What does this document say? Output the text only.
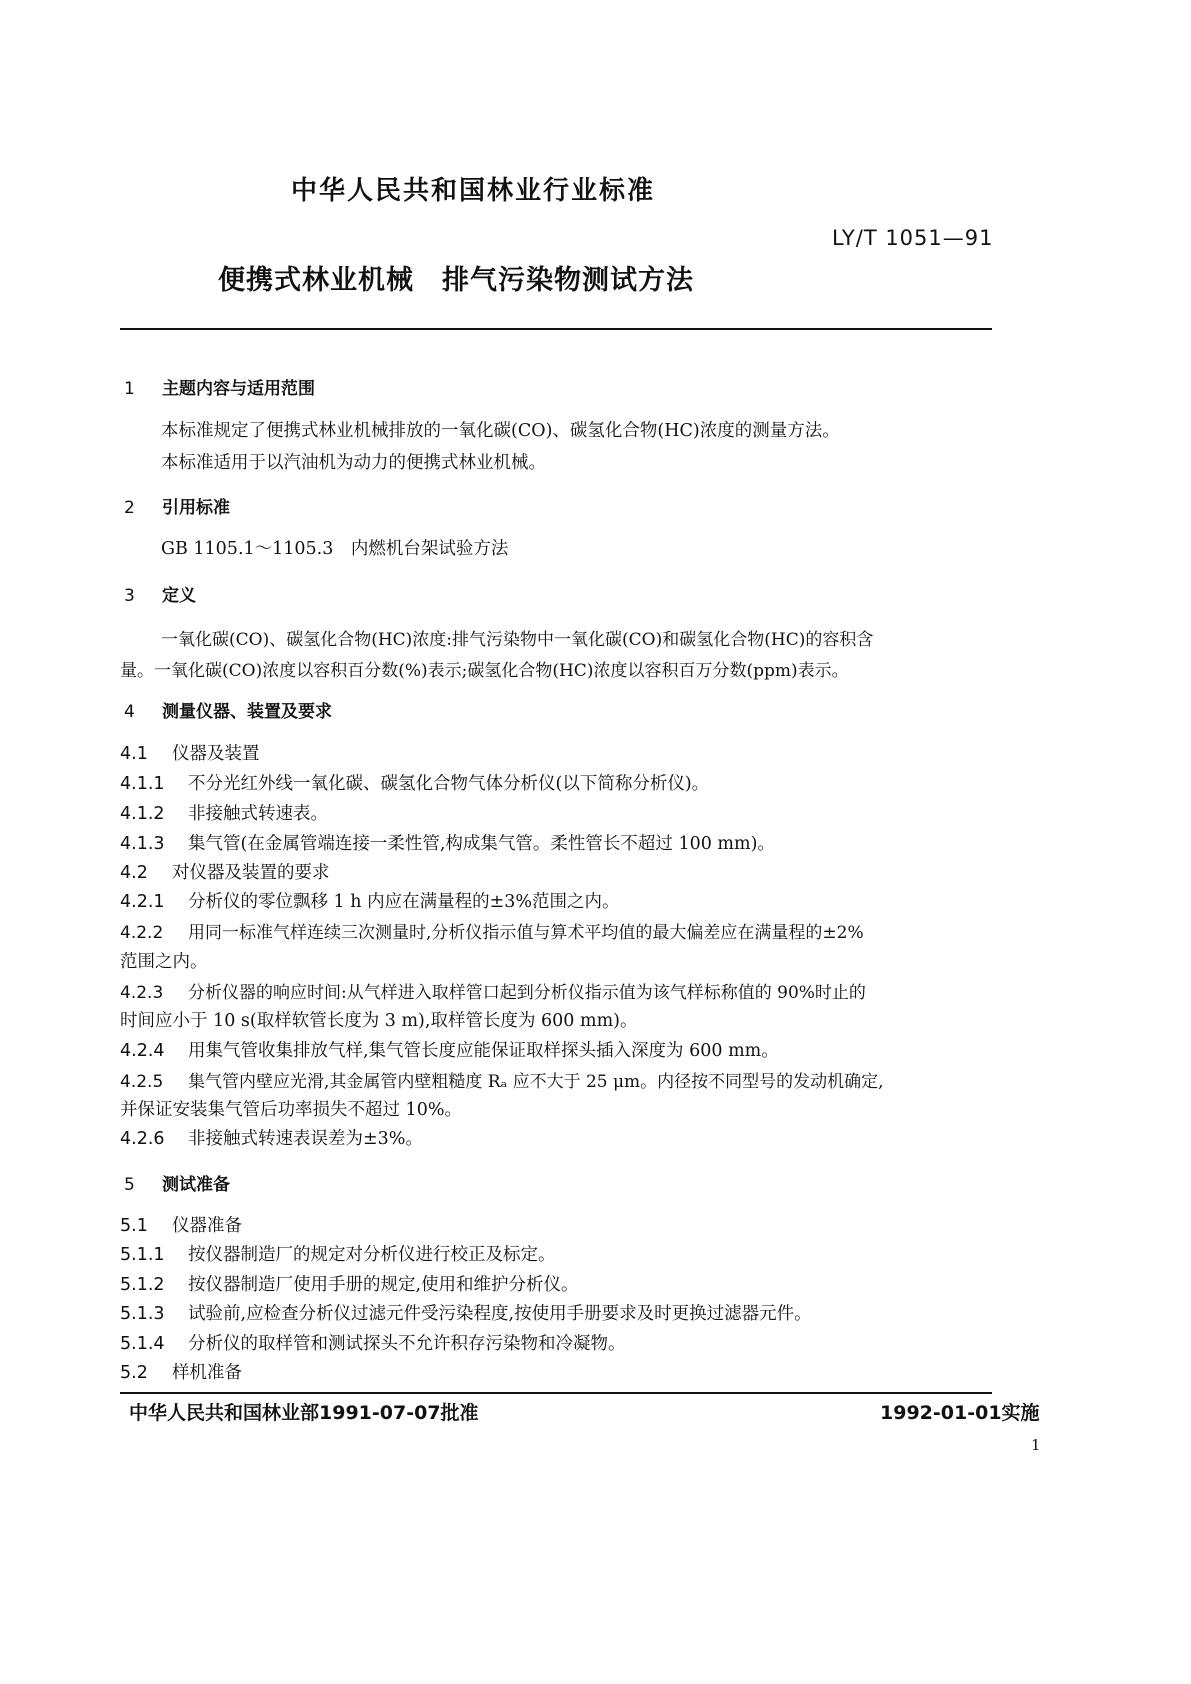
中华人民共和国林业行业标准
LY/T 1051—91
便携式林业机械　排气污染物测试方法
1 主题内容与适用范围
本标准规定了便携式林业机械排放的一氧化碳(CO)、碳氢化合物(HC)浓度的测量方法。
本标准适用于以汽油机为动力的便携式林业机械。
2 引用标准
GB 1105.1～1105.3　内燃机台架试验方法
3 定义
一氧化碳(CO)、碳氢化合物(HC)浓度:排气污染物中一氧化碳(CO)和碳氢化合物(HC)的容积含
量。一氧化碳(CO)浓度以容积百分数(%)表示;碳氢化合物(HC)浓度以容积百万分数(ppm)表示。
4 测量仪器、装置及要求
4.1 仪器及装置
4.1.1 不分光红外线一氧化碳、碳氢化合物气体分析仪(以下简称分析仪)。
4.1.2 非接触式转速表。
4.1.3 集气管(在金属管端连接一柔性管,构成集气管。柔性管长不超过 100 mm)。
4.2 对仪器及装置的要求
4.2.1 分析仪的零位飘移 1 h 内应在满量程的±3%范围之内。
4.2.2 用同一标准气样连续三次测量时,分析仪指示值与算术平均值的最大偏差应在满量程的±2%
范围之内。
4.2.3 分析仪器的响应时间:从气样进入取样管口起到分析仪指示值为该气样标称值的 90%时止的
时间应小于 10 s(取样软管长度为 3 m),取样管长度为 600 mm)。
4.2.4 用集气管收集排放气样,集气管长度应能保证取样探头插入深度为 600 mm。
4.2.5 集气管内壁应光滑,其金属管内壁粗糙度 Rₐ 应不大于 25 μm。内径按不同型号的发动机确定,
并保证安装集气管后功率损失不超过 10%。
4.2.6 非接触式转速表误差为±3%。
5 测试准备
5.1 仪器准备
5.1.1 按仪器制造厂的规定对分析仪进行校正及标定。
5.1.2 按仪器制造厂使用手册的规定,使用和维护分析仪。
5.1.3 试验前,应检查分析仪过滤元件受污染程度,按使用手册要求及时更换过滤器元件。
5.1.4 分析仪的取样管和测试探头不允许积存污染物和冷凝物。
5.2 样机准备
中华人民共和国林业部1991-07-07批准	1992-01-01实施
1
